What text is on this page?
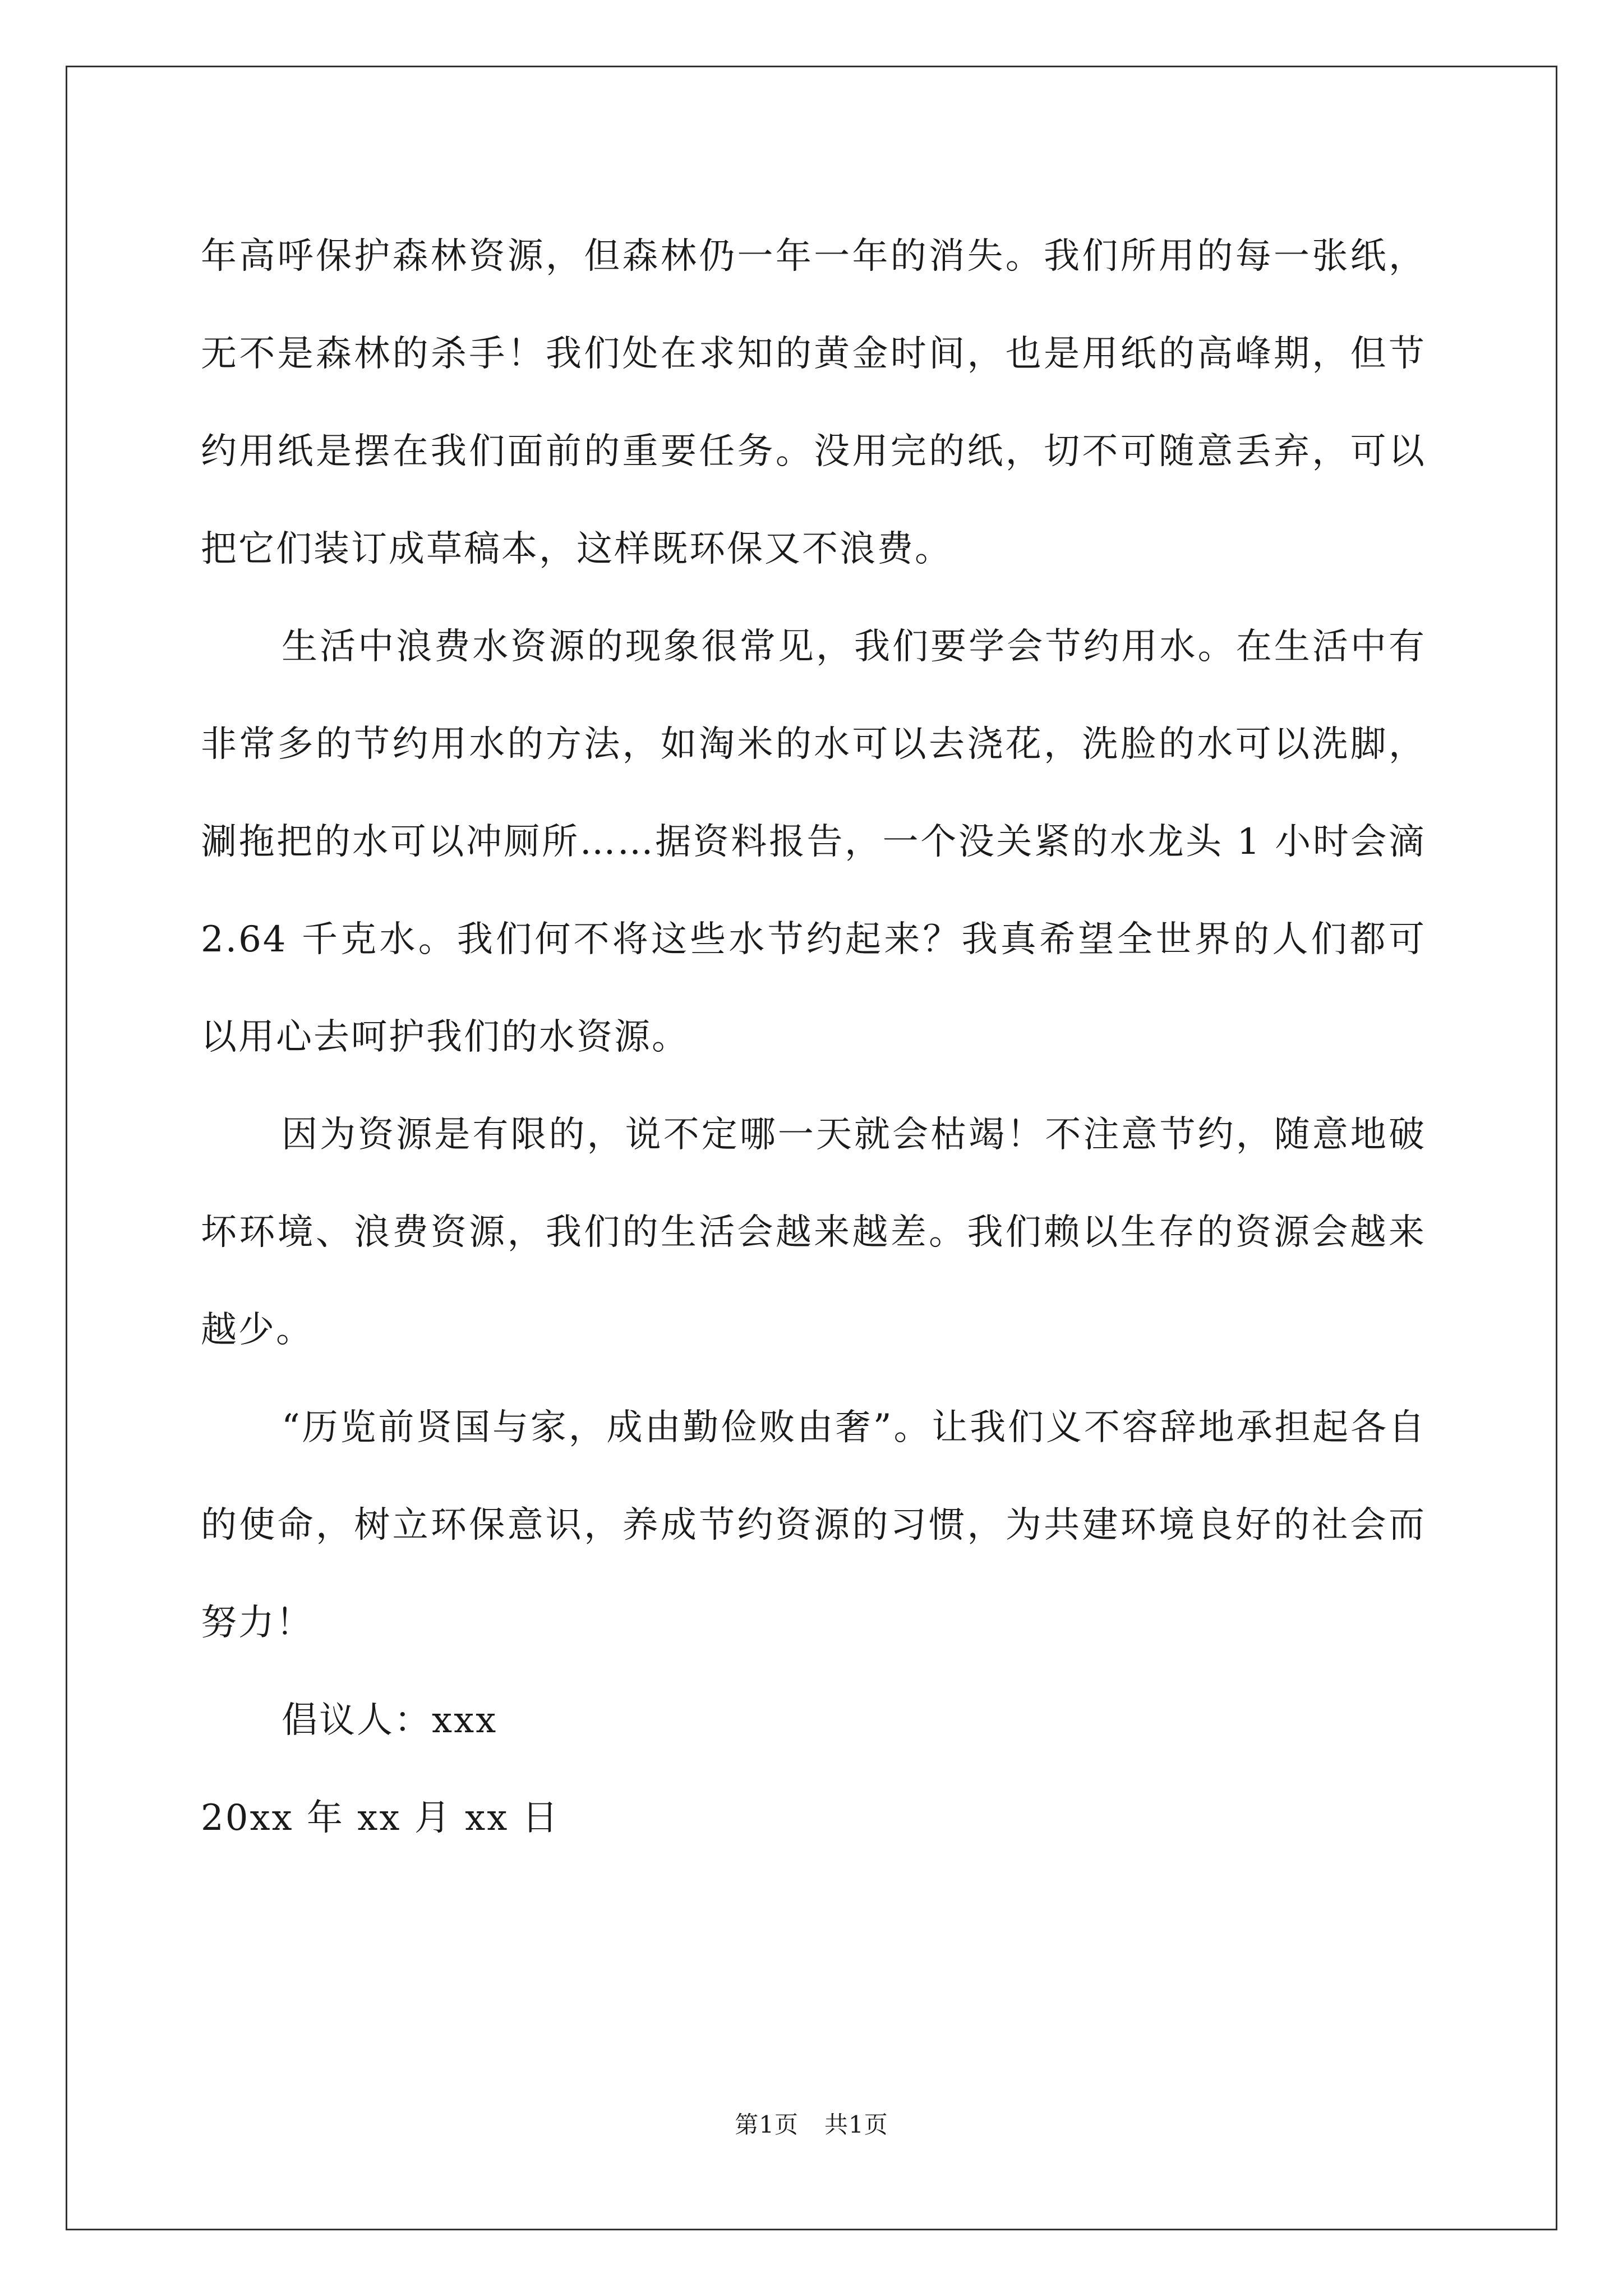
年高呼保护森林资源，但森林仍一年一年的消失。我们所用的每一张纸，无不是森林的杀手！我们处在求知的黄金时间，也是用纸的高峰期，但节约用纸是摆在我们面前的重要任务。没用完的纸，切不可随意丢弃，可以把它们装订成草稿本，这样既环保又不浪费。

生活中浪费水资源的现象很常见，我们要学会节约用水。在生活中有非常多的节约用水的方法，如淘米的水可以去浇花，洗脸的水可以洗脚，涮拖把的水可以冲厕所……据资料报告，一个没关紧的水龙头 1 小时会滴 2.64 千克水。我们何不将这些水节约起来？我真希望全世界的人们都可以用心去呵护我们的水资源。

因为资源是有限的，说不定哪一天就会枯竭！不注意节约，随意地破坏环境、浪费资源，我们的生活会越来越差。我们赖以生存的资源会越来越少。

“历览前贤国与家，成由勤俭败由奢”。让我们义不容辞地承担起各自的使命，树立环保意识，养成节约资源的习惯，为共建环境良好的社会而努力！

倡议人：xxx

20xx 年 xx 月 xx 日

第1页 共1页
